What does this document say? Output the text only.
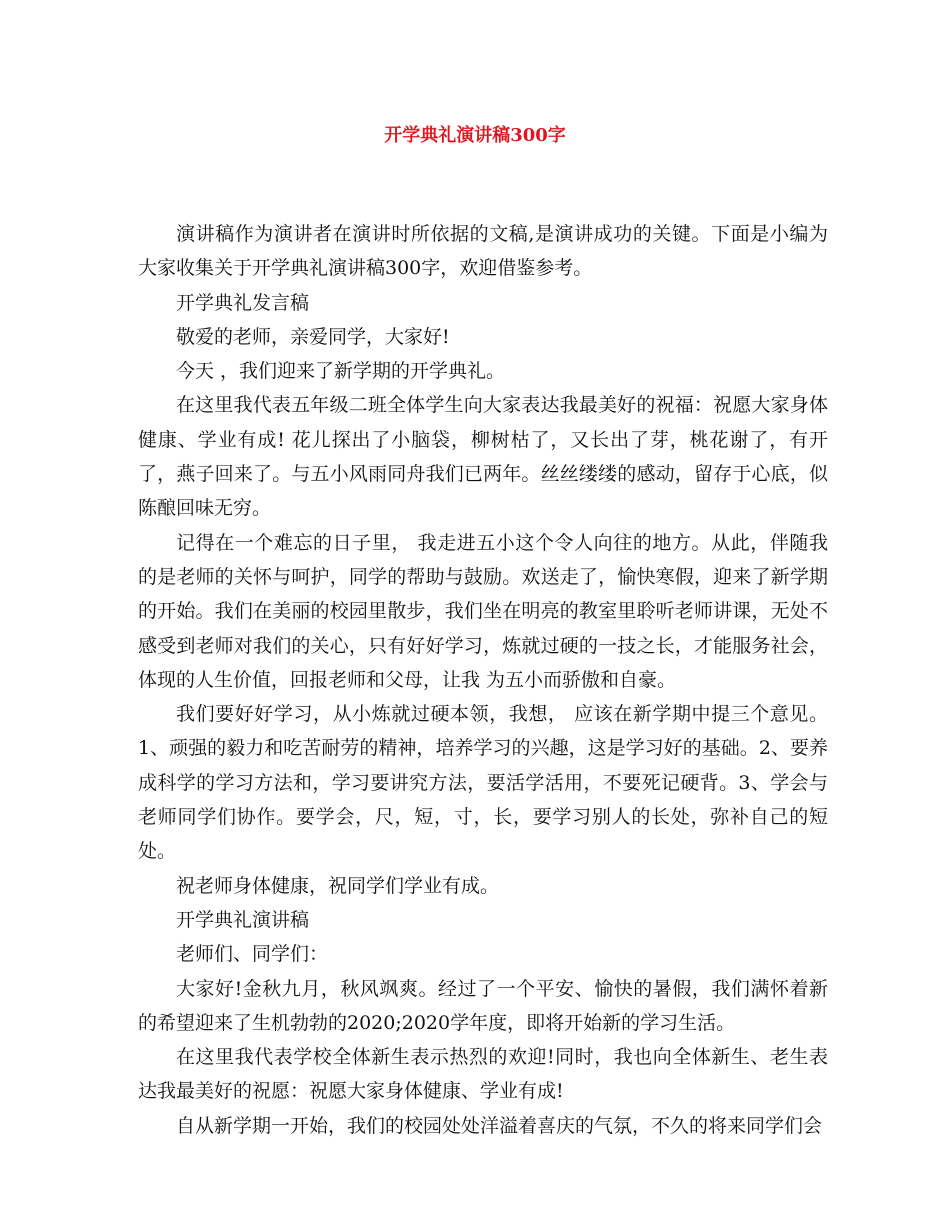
开学典礼演讲稿300字

演讲稿作为演讲者在演讲时所依据的文稿,是演讲成功的关键。下面是小编为大家收集关于开学典礼演讲稿300字，欢迎借鉴参考。

开学典礼发言稿

敬爱的老师，亲爱同学，大家好!

今天 ，我们迎来了新学期的开学典礼。

在这里我代表五年级二班全体学生向大家表达我最美好的祝福：祝愿大家身体健康、学业有成! 花儿探出了小脑袋，柳树枯了，又长出了芽，桃花谢了，有开了，燕子回来了。与五小风雨同舟我们已两年。丝丝缕缕的感动，留存于心底，似陈酿回味无穷。

记得在一个难忘的日子里， 我走进五小这个令人向往的地方。从此，伴随我的是老师的关怀与呵护，同学的帮助与鼓励。欢送走了，愉快寒假，迎来了新学期的开始。我们在美丽的校园里散步，我们坐在明亮的教室里聆听老师讲课，无处不感受到老师对我们的关心，只有好好学习，炼就过硬的一技之长，才能服务社会，体现的人生价值，回报老师和父母，让我 为五小而骄傲和自豪。

我们要好好学习，从小炼就过硬本领，我想， 应该在新学期中提三个意见。1、顽强的毅力和吃苦耐劳的精神，培养学习的兴趣，这是学习好的基础。2、要养成科学的学习方法和，学习要讲究方法，要活学活用，不要死记硬背。3、学会与老师同学们协作。要学会，尺，短，寸，长，要学习别人的长处，弥补自己的短处。

祝老师身体健康，祝同学们学业有成。

开学典礼演讲稿

老师们、同学们：

大家好!金秋九月，秋风飒爽。经过了一个平安、愉快的暑假，我们满怀着新的希望迎来了生机勃勃的2020;2020学年度，即将开始新的学习生活。

在这里我代表学校全体新生表示热烈的欢迎!同时，我也向全体新生、老生表达我最美好的祝愿：祝愿大家身体健康、学业有成!

自从新学期一开始，我们的校园处处洋溢着喜庆的气氛，不久的将来同学们会
